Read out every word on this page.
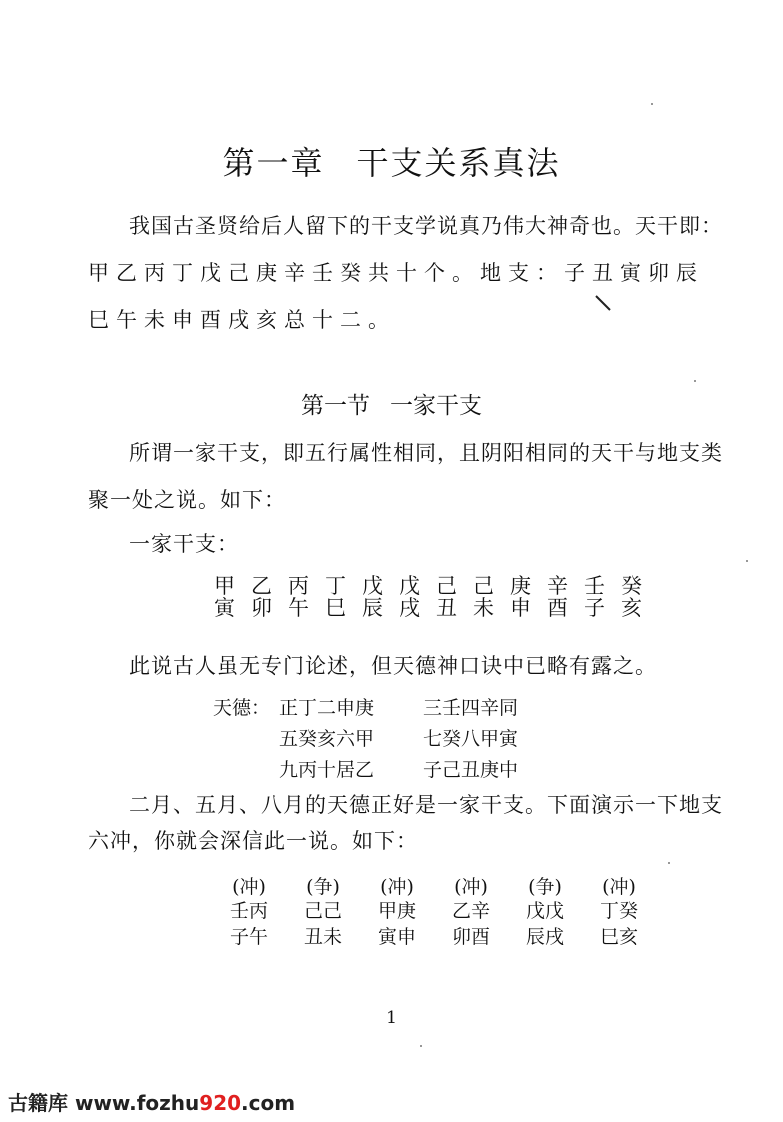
第一章 干支关系真法
我国古圣贤给后人留下的干支学说真乃伟大神奇也。天干即：
甲乙丙丁戊己庚辛壬癸共十个。地支：子丑寅卯辰
巳午未申酉戌亥总十二。
第一节 一家干支
所谓一家干支，即五行属性相同，且阴阳相同的天干与地支类
聚一处之说。如下：
一家干支：
甲 乙 丙 丁 戊 戊 己 己 庚 辛 壬 癸
寅 卯 午 巳 辰 戌 丑 未 申 酉 子 亥
此说古人虽无专门论述，但天德神口诀中已略有露之。
天德： 正丁二申庚	三壬四辛同
五癸亥六甲	七癸八甲寅
九丙十居乙	子己丑庚中
二月、五月、八月的天德正好是一家干支。下面演示一下地支
六冲，你就会深信此一说。如下：
(冲)	(争)	(冲)	(冲)	(争)	(冲)
壬丙	己己	甲庚	乙辛	戊戊	丁癸
子午	丑未	寅申	卯酉	辰戌	巳亥
1
古籍库 www.fozhu920.com
